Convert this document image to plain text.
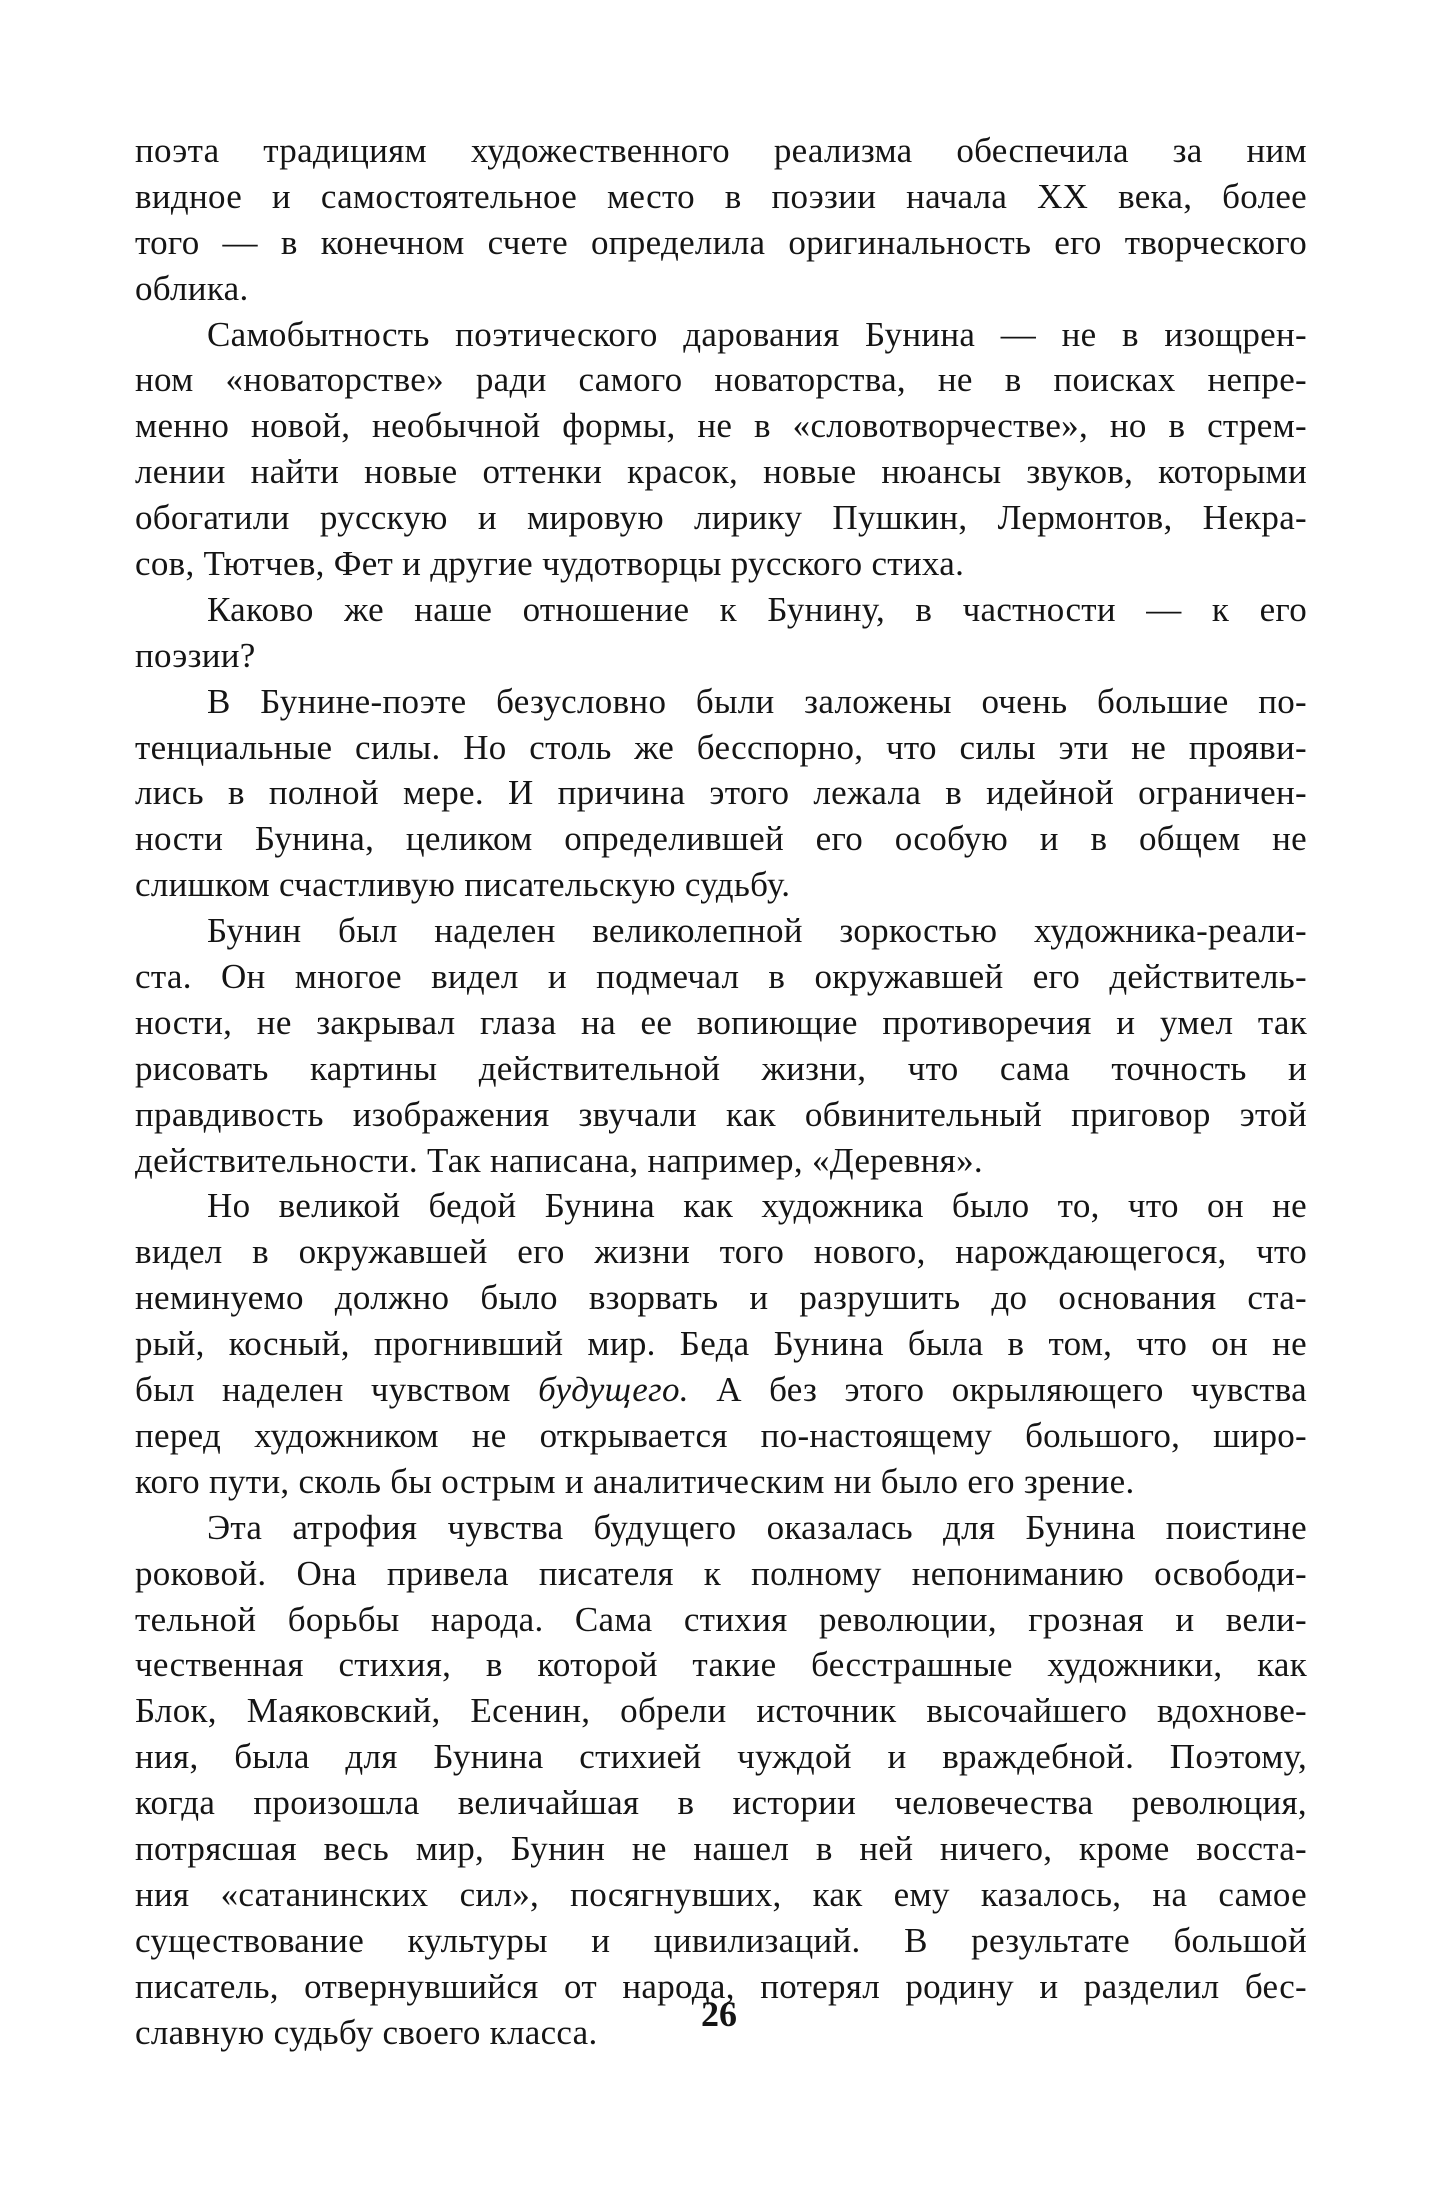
поэта традициям художественного реализма обеспечила за ним
видное и самостоятельное место в поэзии начала XX века, более
того — в конечном счете определила оригинальность его творческого
облика.
Самобытность поэтического дарования Бунина — не в изощрен-
ном «новаторстве» ради самого новаторства, не в поисках непре-
менно новой, необычной формы, не в «словотворчестве», но в стрем-
лении найти новые оттенки красок, новые нюансы звуков, которыми
обогатили русскую и мировую лирику Пушкин, Лермонтов, Некра-
сов, Тютчев, Фет и другие чудотворцы русского стиха.
Каково же наше отношение к Бунину, в частности — к его
поэзии?
В Бунине-поэте безусловно были заложены очень большие по-
тенциальные силы. Но столь же бесспорно, что силы эти не прояви-
лись в полной мере. И причина этого лежала в идейной ограничен-
ности Бунина, целиком определившей его особую и в общем не
слишком счастливую писательскую судьбу.
Бунин был наделен великолепной зоркостью художника-реали-
ста. Он многое видел и подмечал в окружавшей его действитель-
ности, не закрывал глаза на ее вопиющие противоречия и умел так
рисовать картины действительной жизни, что сама точность и
правдивость изображения звучали как обвинительный приговор этой
действительности. Так написана, например, «Деревня».
Но великой бедой Бунина как художника было то, что он не
видел в окружавшей его жизни того нового, нарождающегося, что
неминуемо должно было взорвать и разрушить до основания ста-
рый, косный, прогнивший мир. Беда Бунина была в том, что он не
был наделен чувством будущего. А без этого окрыляющего чувства
перед художником не открывается по-настоящему большого, широ-
кого пути, сколь бы острым и аналитическим ни было его зрение.
Эта атрофия чувства будущего оказалась для Бунина поистине
роковой. Она привела писателя к полному непониманию освободи-
тельной борьбы народа. Сама стихия революции, грозная и вели-
чественная стихия, в которой такие бесстрашные художники, как
Блок, Маяковский, Есенин, обрели источник высочайшего вдохнове-
ния, была для Бунина стихией чуждой и враждебной. Поэтому,
когда произошла величайшая в истории человечества революция,
потрясшая весь мир, Бунин не нашел в ней ничего, кроме восста-
ния «сатанинских сил», посягнувших, как ему казалось, на самое
существование культуры и цивилизаций. В результате большой
писатель, отвернувшийся от народа, потерял родину и разделил бес-
славную судьбу своего класса.	26
